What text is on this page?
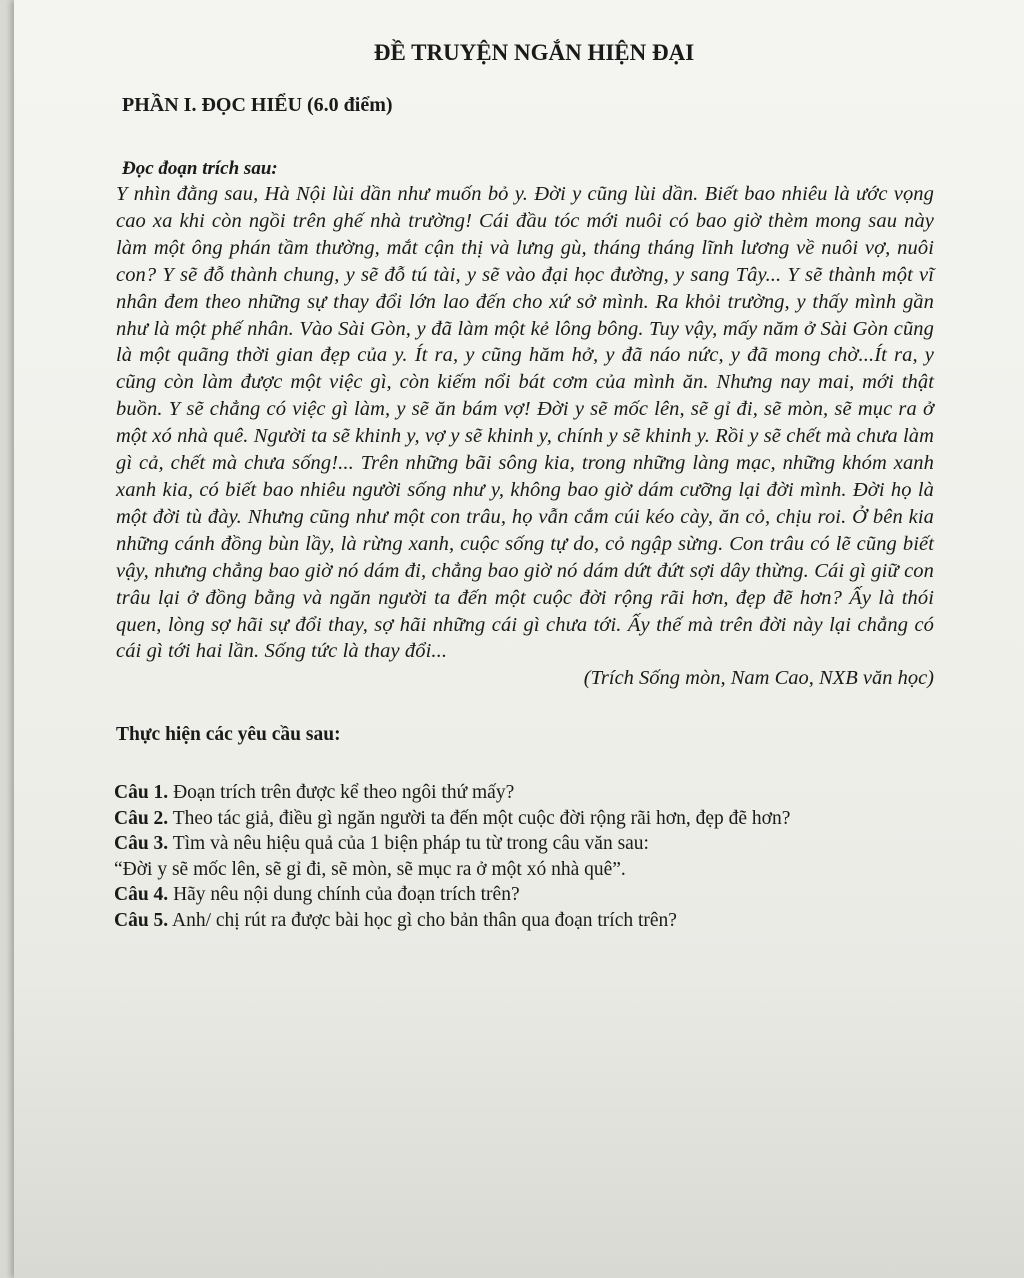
ĐỀ TRUYỆN NGẮN HIỆN ĐẠI
PHẦN I. ĐỌC HIỂU (6.0 điểm)
Đọc đoạn trích sau:
Y nhìn đằng sau, Hà Nội lùi dần như muốn bỏ y. Đời y cũng lùi dần. Biết bao nhiêu là ước vọng cao xa khi còn ngồi trên ghế nhà trường! Cái đầu tóc mới nuôi có bao giờ thèm mong sau này làm một ông phán tầm thường, mắt cận thị và lưng gù, tháng tháng lĩnh lương về nuôi vợ, nuôi con? Y sẽ đỗ thành chung, y sẽ đỗ tú tài, y sẽ vào đại học đường, y sang Tây... Y sẽ thành một vĩ nhân đem theo những sự thay đổi lớn lao đến cho xứ sở mình. Ra khỏi trường, y thấy mình gần như là một phế nhân. Vào Sài Gòn, y đã làm một kẻ lông bông. Tuy vậy, mấy năm ở Sài Gòn cũng là một quãng thời gian đẹp của y. Ít ra, y cũng hăm hở, y đã náo nức, y đã mong chờ...Ít ra, y cũng còn làm được một việc gì, còn kiếm nổi bát cơm của mình ăn. Nhưng nay mai, mới thật buồn. Y sẽ chẳng có việc gì làm, y sẽ ăn bám vợ! Đời y sẽ mốc lên, sẽ gỉ đi, sẽ mòn, sẽ mục ra ở một xó nhà quê. Người ta sẽ khinh y, vợ y sẽ khinh y, chính y sẽ khinh y. Rồi y sẽ chết mà chưa làm gì cả, chết mà chưa sống!... Trên những bãi sông kia, trong những làng mạc, những khóm xanh xanh kia, có biết bao nhiêu người sống như y, không bao giờ dám cưỡng lại đời mình. Đời họ là một đời tù đày. Nhưng cũng như một con trâu, họ vẫn cắm cúi kéo cày, ăn cỏ, chịu roi. Ở bên kia những cánh đồng bùn lầy, là rừng xanh, cuộc sống tự do, cỏ ngập sừng. Con trâu có lẽ cũng biết vậy, nhưng chẳng bao giờ nó dám đi, chẳng bao giờ nó dám dứt đứt sợi dây thừng. Cái gì giữ con trâu lại ở đồng bằng và ngăn người ta đến một cuộc đời rộng rãi hơn, đẹp đẽ hơn? Ấy là thói quen, lòng sợ hãi sự đổi thay, sợ hãi những cái gì chưa tới. Ấy thế mà trên đời này lại chẳng có cái gì tới hai lần. Sống tức là thay đổi...
(Trích Sống mòn, Nam Cao, NXB văn học)
Thực hiện các yêu cầu sau:

Câu 1. Đoạn trích trên được kể theo ngôi thứ mấy?

Câu 2. Theo tác giả, điều gì ngăn người ta đến một cuộc đời rộng rãi hơn, đẹp đẽ hơn?

Câu 3. Tìm và nêu hiệu quả của 1 biện pháp tu từ trong câu văn sau:

“Đời y sẽ mốc lên, sẽ gỉ đi, sẽ mòn, sẽ mục ra ở một xó nhà quê”.

Câu 4. Hãy nêu nội dung chính của đoạn trích trên?

Câu 5. Anh/ chị rút ra được bài học gì cho bản thân qua đoạn trích trên?
